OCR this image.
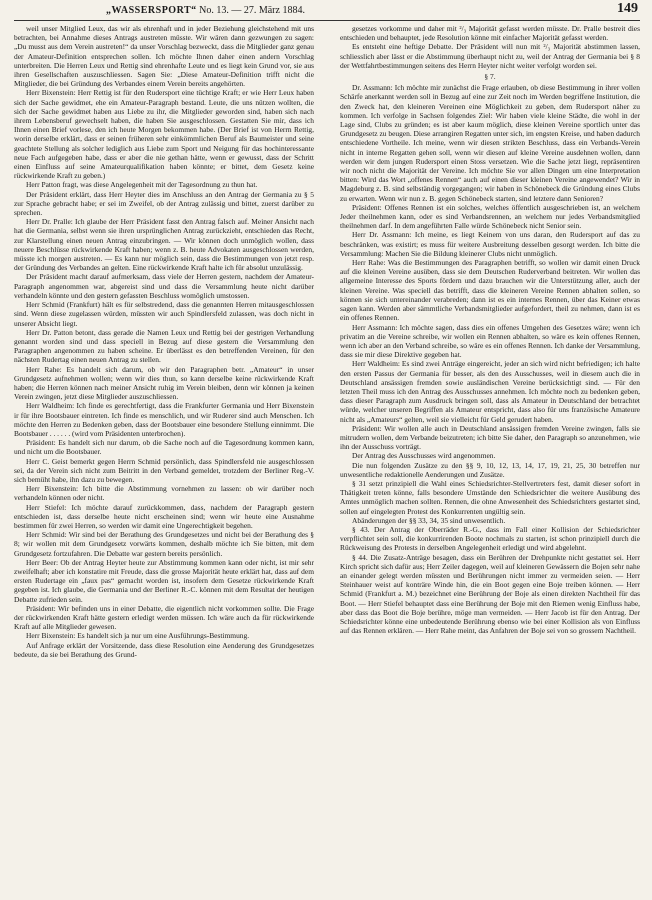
„WASSERSPORT“ No. 13. — 27. März 1884.	149

weil unser Mitglied Leux, das wir als ehrenhaft und in jeder Beziehung gleichstehend mit uns betrachten, bei Annahme dieses Antrags austreten müsste. Wir wären dann gezwungen zu sagen: „Du musst aus dem Verein austreten!“ da unser Vorschlag bezweckt, dass die Mitglieder ganz genau der Amateur-Definition entsprechen sollen. Ich möchte Ihnen daher einen andern Vorschlag unterbreiten. Die Herren Leux und Rettig sind ehrenhafte Leute und es liegt kein Grund vor, sie aus ihren Gesellschaften auszuschliessen. Sagen Sie: „Diese Amateur-Definition trifft nicht die Mitglieder, die bei Gründung des Verbandes einem Verein bereits angehörten.

Herr Bixenstein: Herr Rettig ist für den Rudersport eine tüchtige Kraft; er wie Herr Leux haben sich der Sache gewidmet, ehe ein Amateur-Paragraph bestand. Leute, die uns nützen wollten, die sich der Sache gewidmet haben aus Liebe zu ihr, die Mitglieder geworden sind, haben sich nach ihrem Lebensberuf gewechselt haben, die haben Sie ausgeschlossen. Gestatten Sie mir, dass ich Ihnen einen Brief vorlese, den ich heute Morgen bekommen habe. (Der Brief ist von Herrn Rettig, worin derselbe erklärt, dass er seinen früheren sehr einkömmlichen Beruf als Baumeister und seine geachtete Stellung als solcher lediglich aus Liebe zum Sport und Neigung für das hochinteressante neue Fach aufgegeben habe, dass er aber die nie gethan hätte, wenn er gewusst, dass der Schritt einen Einfluss auf seine Amateurqualifikation haben könnte; er bittet, dem Gesetz keine rückwirkende Kraft zu geben.)

Herr Patton fragt, was diese Angelegenheit mit der Tagesordnung zu thun hat.

Der Präsident erklärt, dass Herr Heyter dies im Anschluss an den Antrag der Germania zu § 5 zur Sprache gebracht habe; er sei im Zweifel, ob der Antrag zulässig und bittet, zuerst darüber zu sprechen.

Herr Dr. Pralle: Ich glaube der Herr Präsident fasst den Antrag falsch auf. Meiner Ansicht nach hat die Germania, selbst wenn sie ihren ursprünglichen Antrag zurückzieht, entschieden das Recht, zur Klarstellung einen neuen Antrag einzubringen. — Wir können doch unmöglich wollen, dass neuere Beschlüsse rückwirkende Kraft haben; wenn z. B. heute Advokaten ausgeschlossen werden, müsste ich morgen austreten. — Es kann nur möglich sein, dass die Bestimmungen von jetzt resp. der Gründung des Verbandes an gelten. Eine rückwirkende Kraft halte ich für absolut unzulässig.

Der Präsident macht darauf aufmerksam, dass viele der Herren gestern, nachdem der Amateur-Paragraph angenommen war, abgereist sind und dass die Versammlung heute nicht darüber verhandeln könnte und den gestern gefassten Beschluss womöglich umstossen.

Herr Schmid (Frankfurt) hält es für selbstredend, dass die genannten Herren mitausgeschlossen sind. Wenn diese zugelassen würden, müssten wir auch Spindlersfeld zulassen, was doch nicht in unserer Absicht liegt.

Herr Dr. Patton betont, dass gerade die Namen Leux und Rettig bei der gestrigen Verhandlung genannt worden sind und dass speciell in Bezug auf diese gestern die Versammlung den Paragraphen angenommen zu haben scheine. Er überlässt es den betreffenden Vereinen, für den nächsten Rudertag einen neuen Antrag zu stellen.

Herr Rahe: Es handelt sich darum, ob wir den Paragraphen betr. „Amateur“ in unser Grundgesetz aufnehmen wollen; wenn wir dies thun, so kann derselbe keine rückwirkende Kraft haben; die Herren können nach meiner Ansicht ruhig im Verein bleiben, denn wir können ja keinen Verein zwingen, jetzt diese Mitglieder auszuschliessen.

Herr Waldheim: Ich finde es gerechtfertigt, dass die Frankfurter Germania und Herr Bixenstein ir für ihre Bootsbauer eintreten. Ich finde es menschlich, und wir Ruderer sind auch Menschen. Ich möchte den Herren zu Bedenken geben, dass der Bootsbauer eine besondere Stellung einnimmt. Die Bootsbauer . . . . . . (wird vom Präsidenten unterbrochen).

Präsident: Es handelt sich nur darum, ob die Sache noch auf die Tagesordnung kommen kann, und nicht um die Bootsbauer.

Herr C. Geist bemerkt gegen Herrn Schmid persönlich, dass Spindlersfeld nie ausgeschlossen sei, da der Verein sich nicht zum Beitritt in den Verband gemeldet, trotzdem der Berliner Reg.-V. sich bemüht habe, ihn dazu zu bewegen.

Herr Bixenstein: Ich bitte die Abstimmung vornehmen zu lassen: ob wir darüber noch verhandeln können oder nicht.

Herr Stiefel: Ich möchte darauf zurückkommen, dass, nachdem der Paragraph gestern entschieden ist, dass derselbe heute nicht erscheinen sind; wenn wir heute eine Ausnahme bestimmen für zwei Herren, so werden wir damit eine Ungerechtigkeit begehen.

Herr Schmid: Wir sind bei der Berathung des Grundgesetzes und nicht bei der Berathung des § 8; wir wollen mit dem Grundgesetz vorwärts kommen, deshalb möchte ich Sie bitten, mit dem Grundgesetz fortzufahren. Die Debatte war gestern bereits persönlich.

Herr Beer: Ob der Antrag Heyter heute zur Abstimmung kommen kann oder nicht, ist mir sehr zweifelhaft; aber ich konstatire mit Freude, dass die grosse Majorität heute erklärt hat, dass auf dem ersten Rudertage ein „faux pas“ gemacht worden ist, insofern dem Gesetze rückwirkende Kraft gegeben ist. Ich glaube, die Germania und der Berliner R.-C. können mit dem Resultat der heutigen Debatte zufrieden sein.

Präsident: Wir befinden uns in einer Debatte, die eigentlich nicht vorkommen sollte. Die Frage der rückwirkenden Kraft hätte gestern erledigt werden müssen. Ich wäre auch da für rückwirkende Kraft auf alle Mitglieder gewesen.

Herr Bixenstein: Es handelt sich ja nur um eine Ausführungs-Bestimmung.

Auf Anfrage erklärt der Vorsitzende, dass diese Resolution eine Aenderung des Grundgesetzes bedeute, da sie bei Berathung des Grund-

gesetzes vorkomme und daher mit ²/₃ Majorität gefasst werden müsste. Dr. Pralle bestreit dies entschieden und behauptet, jede Resolution könne mit einfacher Majorität gefasst werden.

Es entsteht eine heftige Debatte. Der Präsident will nun mit ²/₃ Majorität abstimmen lassen, schliesslich aber lässt er die Abstimmung überhaupt nicht zu, weil der Antrag der Germania bei § 8 der Wettfahrtbestimmungen seitens des Herrn Heyter nicht weiter verfolgt worden sei.

§ 7.

Dr. Assmann: Ich möchte mir zunächst die Frage erlauben, ob diese Bestimmung in ihrer vollen Schärfe anerkannt werden soll in Bezug auf eine zur Zeit noch im Werden begriffene Institution, die den Zweck hat, den kleineren Vereinen eine Möglichkeit zu geben, dem Rudersport näher zu kommen. Ich verfolge in Sachsen folgendes Ziel: Wir haben viele kleine Städte, die wohl in der Lage sind, Clubs zu gründen; es ist aber kaum möglich, diese kleinen Vereine sportlich unter das Grundgesetz zu beugen. Diese arrangiren Regatten unter sich, im engsten Kreise, und haben dadurch entschiedene Vortheile. Ich meine, wenn wir diesen strikten Beschluss, dass ein Verbands-Verein nicht in interne Regatten gehen soll, wenn wir diesen auf kleine Vereine ausdehnen wollen, dann werden wir dem jungen Rudersport einen Stoss versetzen. Wie die Sache jetzt liegt, repräsentiren wir noch nicht die Majorität der Vereine. Ich möchte Sie vor allen Dingen um eine Interpretation bitten: Wird das Wort „offenes Rennen“ auch auf einen dieser kleinen Vereine angewendet? Wir in Magdeburg z. B. sind selbständig vorgegangen; wir haben in Schönebeck die Gründung eines Clubs zu erwarten. Wenn wir nun z. B. gegen Schönebeck starten, sind letztere dann Senioren?

Präsident: Offenes Rennen ist ein solches, welches öffentlich ausgeschrieben ist, an welchem Jeder theilnehmen kann, oder es sind Verbandsrennen, an welchem nur jedes Verbandsmitglied theilnehmen darf. In dem angeführten Falle würde Schönebeck nicht Senior sein.

Herr Dr. Assmann: Ich meine, es liegt Keinem von uns daran, den Rudersport auf das zu beschränken, was existirt; es muss für weitere Ausbreitung desselben gesorgt werden. Ich bitte die Versammlung: Machen Sie die Bildung kleinerer Clubs nicht unmöglich.

Herr Rahe: Was die Bestimmungen des Paragraphen betrifft, so wollen wir damit einen Druck auf die kleinen Vereine ausüben, dass sie dem Deutschen Ruderverband beitreten. Wir wollen das allgemeine Interesse des Sports fördern und dazu brauchen wir die Unterstützung aller, auch der kleinen Vereine. Was speciell das betrifft, dass die kleineren Vereine Rennen abhalten sollen, so können sie sich untereinander verabreden; dann ist es ein internes Rennen, über das Keiner etwas sagen kann. Werden aber sämmtliche Verbandsmitglieder aufgefordert, theil zu nehmen, dann ist es ein offenes Rennen.

Herr Assmann: Ich möchte sagen, dass dies ein offenes Umgehen des Gesetzes wäre; wenn ich privatim an die Vereine schreibe, wir wollen ein Rennen abhalten, so wäre es kein offenes Rennen, wenn ich aber an den Verband schreibe, so wäre es ein offenes Rennen. Ich danke der Versammlung, dass sie mir diese Direktive gegeben hat.

Herr Waldheim: Es sind zwei Anträge eingereicht, jeder an sich wird nicht befriedigen; ich halte den ersten Passus der Germania für besser, als den des Ausschusses, weil in diesem auch die in Deutschland ansässigen fremden sowie ausländischen Vereine berücksichtigt sind. — Für den letzten Theil muss ich den Antrag des Ausschusses annehmen. Ich möchte noch zu bedenken geben, dass dieser Paragraph zum Ausdruck bringen soll, dass als Amateur in Deutschland der betrachtet würde, welcher unseren Begriffen als Amateur entspricht, dass also für uns französische Amateure nicht als „Amateurs“ gelten, weil sie vielleicht für Geld gerudert haben.

Präsident: Wir wollen alle auch in Deutschland ansässigen fremden Vereine zwingen, falls sie mitrudern wollen, dem Verbande beizutreten; ich bitte Sie daher, den Paragraph so anzunehmen, wie ihn der Ausschuss vorträgt.

Der Antrag des Ausschusses wird angenommen.

Die nun folgenden Zusätze zu den §§ 9, 10, 12, 13, 14, 17, 19, 21, 25, 30 betreffen nur unwesentliche redaktionelle Aenderungen und Zusätze.

§ 31 setzt prinzipiell die Wahl eines Schiedsrichter-Stellvertreters fest, damit dieser sofort in Thätigkeit treten könne, falls besondere Umstände den Schiedsrichter die weitere Ausübung des Amtes unmöglich machen sollten. Rennen, die ohne Anwesenheit des Schiedsrichters gestartet sind, sollen auf eingelegten Protest des Konkurrenten ungültig sein.

Abänderungen der §§ 33, 34, 35 sind unwesentlich.

§ 43. Der Antrag der Oberräder R.-G., dass im Fall einer Kollision der Schiedsrichter verpflichtet sein soll, die konkurrirenden Boote nochmals zu starten, ist schon prinzipiell durch die Rückweisung des Protests in derselben Angelegenheit erledigt und wird abgelehnt.

§ 44. Die Zusatz-Anträge besagen, dass ein Berühren der Drehpunkte nicht gestattet sei. Herr Kirch spricht sich dafür aus; Herr Zeiler dagegen, weil auf kleineren Gewässern die Bojen sehr nahe an einander gelegt werden müssten und Berührungen nicht immer zu vermeiden seien. — Herr Steinhauer weist auf konträre Winde hin, die ein Boot gegen eine Boje treiben können. — Herr Schmid (Frankfurt a. M.) bezeichnet eine Berührung der Boje als einen direkten Nachtheil für das Boot. — Herr Stiefel behauptet dass eine Berührung der Boje mit den Riemen wenig Einfluss habe, aber dass das Boot die Boje berühre, möge man vermeiden. — Herr Jacob ist für den Antrag. Der Schiedsrichter könne eine unbedeutende Berührung ebenso wie bei einer Kollision als von Einfluss auf das Rennen erklären. — Herr Rahe meint, das Anfahren der Boje sei von so grossem Nachtheil.
